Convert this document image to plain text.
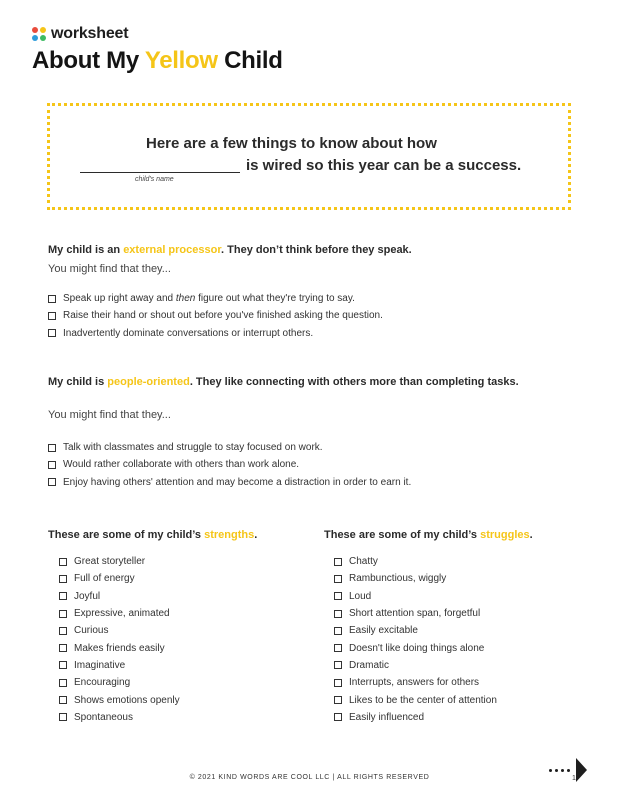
worksheet
About My Yellow Child
Here are a few things to know about how
child's name
is wired so this year can be a success.
My child is an external processor. They don’t think before they speak.
You might find that they...
Speak up right away and then figure out what they're trying to say.
Raise their hand or shout out before you've finished asking the question.
Inadvertently dominate conversations or interrupt others.
My child is people-oriented. They like connecting with others more than completing tasks.
You might find that they...
Talk with classmates and struggle to stay focused on work.
Would rather collaborate with others than work alone.
Enjoy having others' attention and may become a distraction in order to earn it.
These are some of my child’s strengths.
Great storyteller
Full of energy
Joyful
Expressive, animated
Curious
Makes friends easily
Imaginative
Encouraging
Shows emotions openly
Spontaneous
These are some of my child’s struggles.
Chatty
Rambunctious, wiggly
Loud
Short attention span, forgetful
Easily excitable
Doesn't like doing things alone
Dramatic
Interrupts, answers for others
Likes to be the center of attention
Easily influenced
© 2021 KIND WORDS ARE COOL LLC | ALL RIGHTS RESERVED	1
